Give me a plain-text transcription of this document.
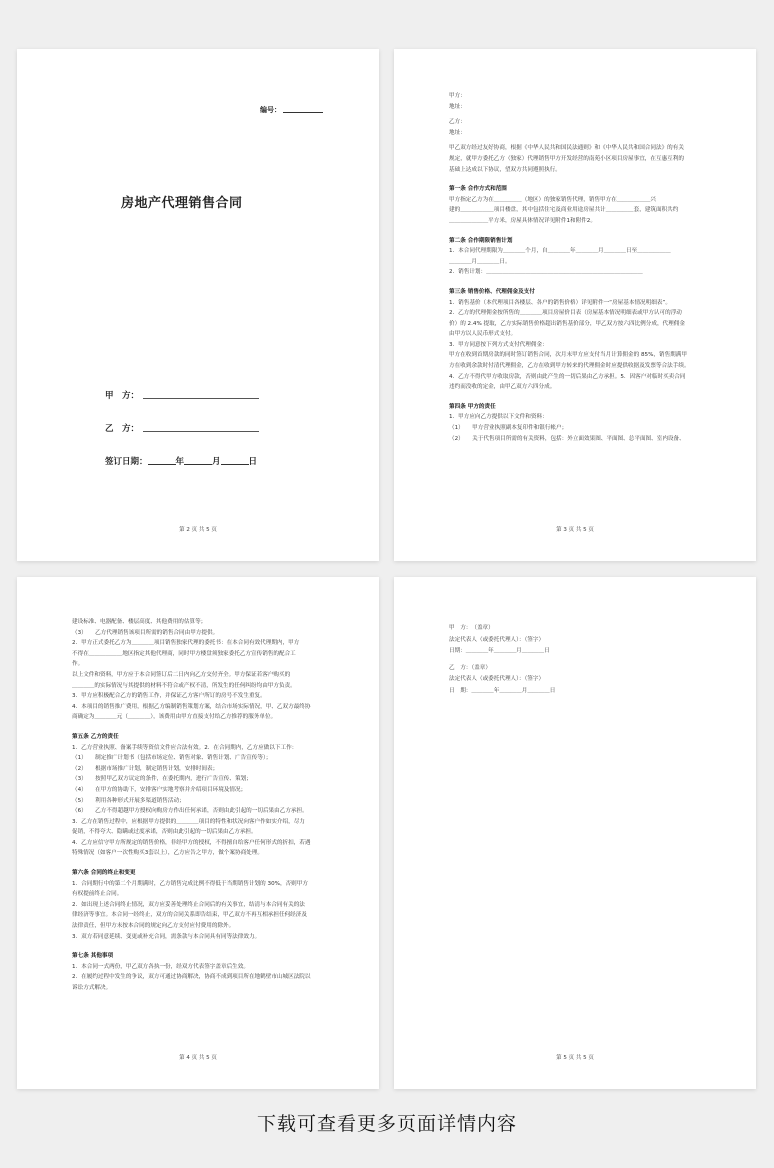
编号：
房地产代理销售合同
甲　方：
乙　方：
签订日期：	年	月	日
第 2 页 共 5 页
甲方：
地址：
乙方：
地址：
甲乙双方经过友好协商，根据《中华人民共和国民法通则》和《中华人民共和国合同法》的有关
规定，就甲方委托乙方（独家）代理销售甲方开发经营的南苑小区项目房屋事宜，在互惠互利的
基础上达成以下协议，望双方共同遵照执行。
第一条 合作方式和范围
甲方指定乙方为在＿＿＿＿＿（地区）的独家销售代理，销售甲方在＿＿＿＿＿＿兴
建的＿＿＿＿＿＿项目楼盘，其中包括住宅及商业用途房屋共计＿＿＿＿＿套，建筑面积共约
＿＿＿＿＿＿＿平方米，房屋具体情况详见附件1和附件2。
第二条 合作期限销售计划
1．本合同代理期限为＿＿＿＿个月，自＿＿＿＿年＿＿＿＿月＿＿＿＿日至＿＿＿＿＿＿
＿＿＿＿月＿＿＿＿日。
2．销售计划：＿＿＿＿＿＿＿＿＿＿＿＿＿＿＿＿＿＿＿＿＿＿＿＿＿＿＿＿
第三条 销售价格、代理佣金及支付
1．销售基价（本代理项目各楼层、各户的销售价格）详见附件一“房屋基本情况明细表”。
2．乙方的代理佣金按所售的＿＿＿＿项目房屋价目表（房屋基本情况明细表或甲方认可的浮动
价）的 2.4% 提取，乙方实际销售价格超出销售基价部分，甲乙双方按六四比例分成，代理佣金
由甲方以人民币形式支付。
3．甲方同意按下列方式支付代理佣金：
甲方在收到首期房款的同时签订销售合同，次月末甲方应支付当月计算佣金的 85%，销售期满甲
方在收到余款时付清代理佣金，乙方在收到甲方转来的代理佣金时应提供收据及发票等合法手续。
4．乙方不得代甲方收取房款，否则由此产生的一切后果由乙方承担。5．因客户对临时买卖合同
违约而没收的定金，由甲乙双方六四分成。
第四条 甲方的责任
1．甲方应向乙方提供以下文件和资料：
（1）　　甲方营业执照副本复印件和银行帐户；
（2）　　关于代售项目所需的有关资料，包括：外立面效果图、平面图、总平面图、室内设备、
第 3 页 共 5 页
建设标准、电器配备、楼层高度、其他费用的估算等；
（3）　　乙方代理销售该项目所需的销售合同由甲方提供。
2．甲方正式委托乙方为＿＿＿＿项目销售独家代理的委托书：在本合同有效代理期内，甲方
不得在＿＿＿＿＿＿地区指定其他代理商，同时甲方楼盘须独家委托乙方宣传销售的配合工
作。
以上文件和资料，甲方应于本合同签订后二日内向乙方交付齐全。甲方保证若客户购买的
＿＿＿＿的实际情况与其提供的材料不符合或产权不清，所发生的任何纠纷均由甲方负责。
3．甲方应积极配合乙方的销售工作，并保证乙方客户所订的房号不发生重复。
4．本项目的销售推广费用，根据乙方编制销售策划方案，结合市场实际情况，甲、乙双方最终协
商确定为＿＿＿＿元（＿＿＿＿），该费用由甲方直接支付给乙方推荐的服务单位。
第五条 乙方的责任
1．乙方营业执照、备案手续等资信文件应合法有效。2．在合同期内，乙方应做以下工作：
（1）　　制定推广计划书（包括市场定位、销售对象、销售计划、广告宣传等）；
（2）　　根据市场推广计划，制定销售计划，安排时间表；
（3）　　按照甲乙双方议定的条件，在委托期内，进行广告宣传、策划；
（4）　　在甲方的协助下，安排客户实地考察并介绍项目环境及情况；
（5）　　利用各种形式开展多渠道销售活动；
（6）　　乙方不得超越甲方授权向购房方作出任何承诺，否则由此引起的一切后果由乙方承担。
3．乙方在销售过程中，应根据甲方提供的＿＿＿＿项目的特性和状况向客户作如实介绍，尽力
促销，不得夸大、隐瞒或过度承诺，否则由此引起的一切后果由乙方承担。
4．乙方应信守甲方所规定的销售价格，非经甲方的授权，不得擅自给客户任何形式的折扣，若遇
特殊情况（如客户一次性购买3套以上），乙方应告之甲方，做个案协商处理。
第六条 合同的终止和变更
1．合同期行中的第二个月期满时，乙方销售完成比例不得低于当期销售计划的 30%，否则甲方
有权提前终止合同。
2．如出现上述合同终止情况，双方应妥善处理终止合同后的有关事宜，结清与本合同有关的法
律经济等事宜。本合同一经终止，双方的合同关系即告结束，甲乙双方不再互相承担任何经济及
法律责任，但甲方未按本合同的规定向乙方支付应付费用的除外。
3．双方若同意延续、变更或补充合同，需条款与本合同具有同等法律效力。
第七条 其他事项
1．本合同一式两份，甲乙双方各执一份，经双方代表签字盖章后生效。
2．在履约过程中发生的争议，双方可通过协商解决，协商不成到项目所在地鹤壁市山城区法院以
诉讼方式解决。
第 4 页 共 5 页
甲　方：　（盖章）
法定代表人（或委托代理人）：（签字）
日期：＿＿＿＿年＿＿＿＿月＿＿＿＿日
乙　方：（盖章）
法定代表人（或委托代理人）：（签字）
日　期：＿＿＿＿年＿＿＿＿月＿＿＿＿日
第 5 页 共 5 页
下载可查看更多页面详情内容
